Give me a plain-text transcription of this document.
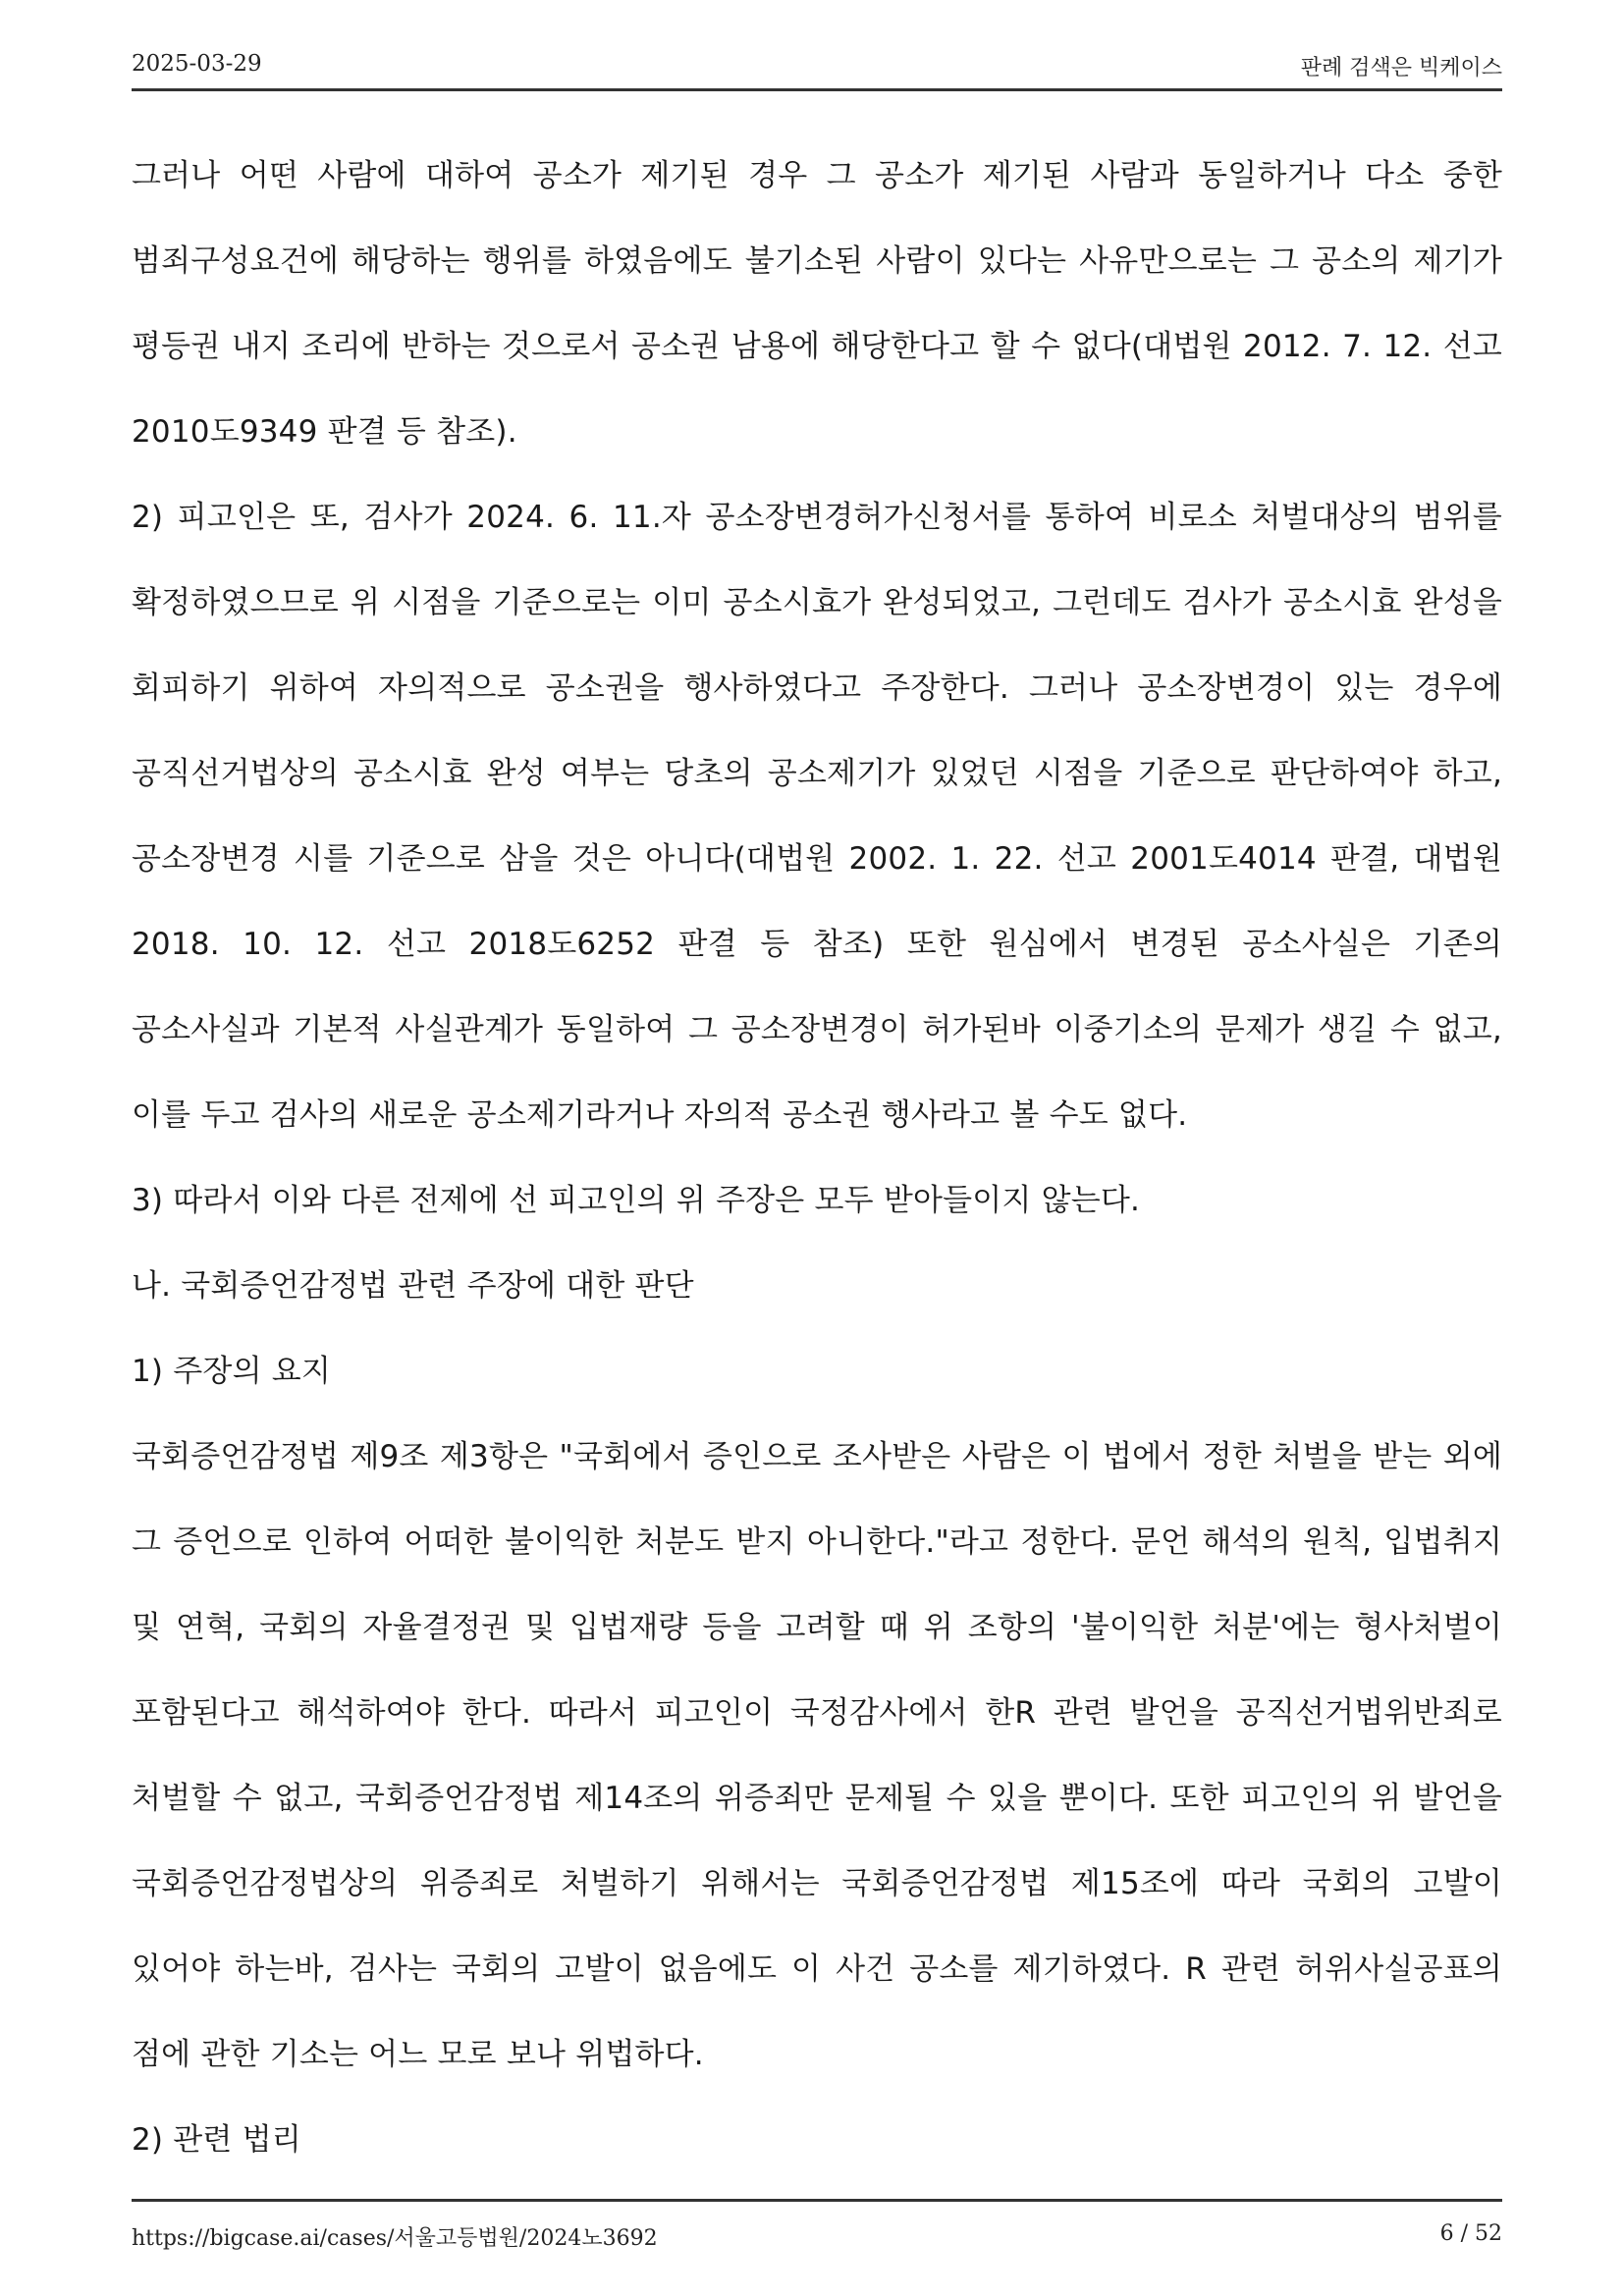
2025-03-29	판례 검색은 빅케이스

그러나 어떤 사람에 대하여 공소가 제기된 경우 그 공소가 제기된 사람과 동일하거나 다소 중한 범죄구성요건에 해당하는 행위를 하였음에도 불기소된 사람이 있다는 사유만으로는 그 공소의 제기가 평등권 내지 조리에 반하는 것으로서 공소권 남용에 해당한다고 할 수 없다(대법원 2012. 7. 12. 선고 2010도9349 판결 등 참조).

2) 피고인은 또, 검사가 2024. 6. 11.자 공소장변경허가신청서를 통하여 비로소 처벌대상의 범위를 확정하였으므로 위 시점을 기준으로는 이미 공소시효가 완성되었고, 그런데도 검사가 공소시효 완성을 회피하기 위하여 자의적으로 공소권을 행사하였다고 주장한다. 그러나 공소장변경이 있는 경우에 공직선거법상의 공소시효 완성 여부는 당초의 공소제기가 있었던 시점을 기준으로 판단하여야 하고, 공소장변경 시를 기준으로 삼을 것은 아니다(대법원 2002. 1. 22. 선고 2001도4014 판결, 대법원 2018. 10. 12. 선고 2018도6252 판결 등 참조) 또한 원심에서 변경된 공소사실은 기존의 공소사실과 기본적 사실관계가 동일하여 그 공소장변경이 허가된바 이중기소의 문제가 생길 수 없고, 이를 두고 검사의 새로운 공소제기라거나 자의적 공소권 행사라고 볼 수도 없다.

3) 따라서 이와 다른 전제에 선 피고인의 위 주장은 모두 받아들이지 않는다.

나. 국회증언감정법 관련 주장에 대한 판단

1) 주장의 요지

국회증언감정법 제9조 제3항은 "국회에서 증인으로 조사받은 사람은 이 법에서 정한 처벌을 받는 외에 그 증언으로 인하여 어떠한 불이익한 처분도 받지 아니한다."라고 정한다. 문언 해석의 원칙, 입법취지 및 연혁, 국회의 자율결정권 및 입법재량 등을 고려할 때 위 조항의 '불이익한 처분'에는 형사처벌이 포함된다고 해석하여야 한다. 따라서 피고인이 국정감사에서 한R 관련 발언을 공직선거법위반죄로 처벌할 수 없고, 국회증언감정법 제14조의 위증죄만 문제될 수 있을 뿐이다. 또한 피고인의 위 발언을 국회증언감정법상의 위증죄로 처벌하기 위해서는 국회증언감정법 제15조에 따라 국회의 고발이 있어야 하는바, 검사는 국회의 고발이 없음에도 이 사건 공소를 제기하였다. R 관련 허위사실공표의 점에 관한 기소는 어느 모로 보나 위법하다.

2) 관련 법리

https://bigcase.ai/cases/서울고등법원/2024노3692	6 / 52
